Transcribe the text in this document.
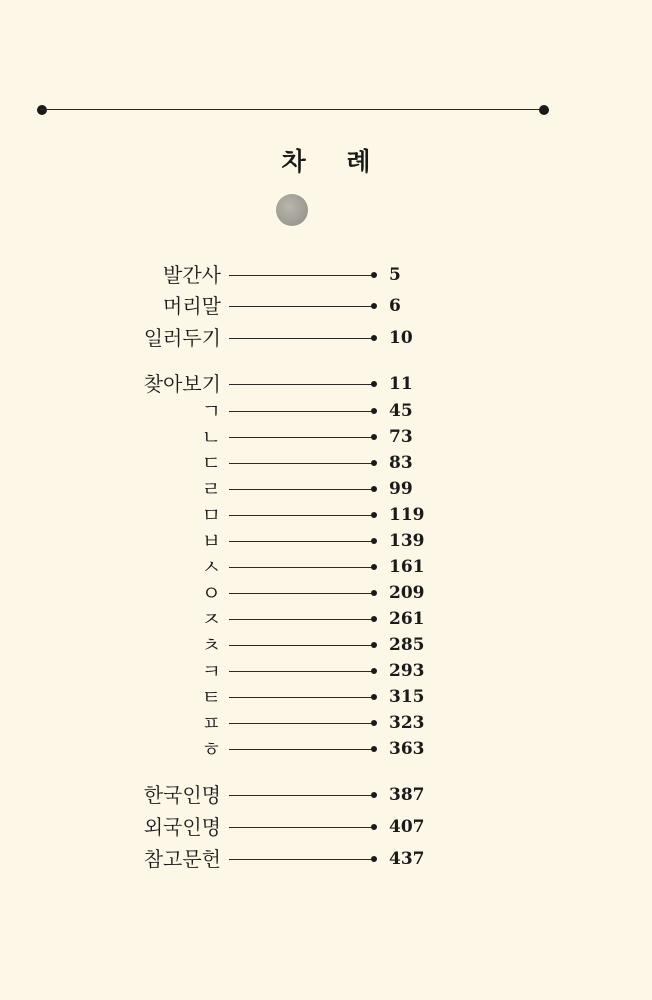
차 례
발간사	5
머리말	6
일러두기	10
찾아보기	11
ㄱ	45
ㄴ	73
ㄷ	83
ㄹ	99
ㅁ	119
ㅂ	139
ㅅ	161
ㅇ	209
ㅈ	261
ㅊ	285
ㅋ	293
ㅌ	315
ㅍ	323
ㅎ	363
한국인명	387
외국인명	407
참고문헌	437
